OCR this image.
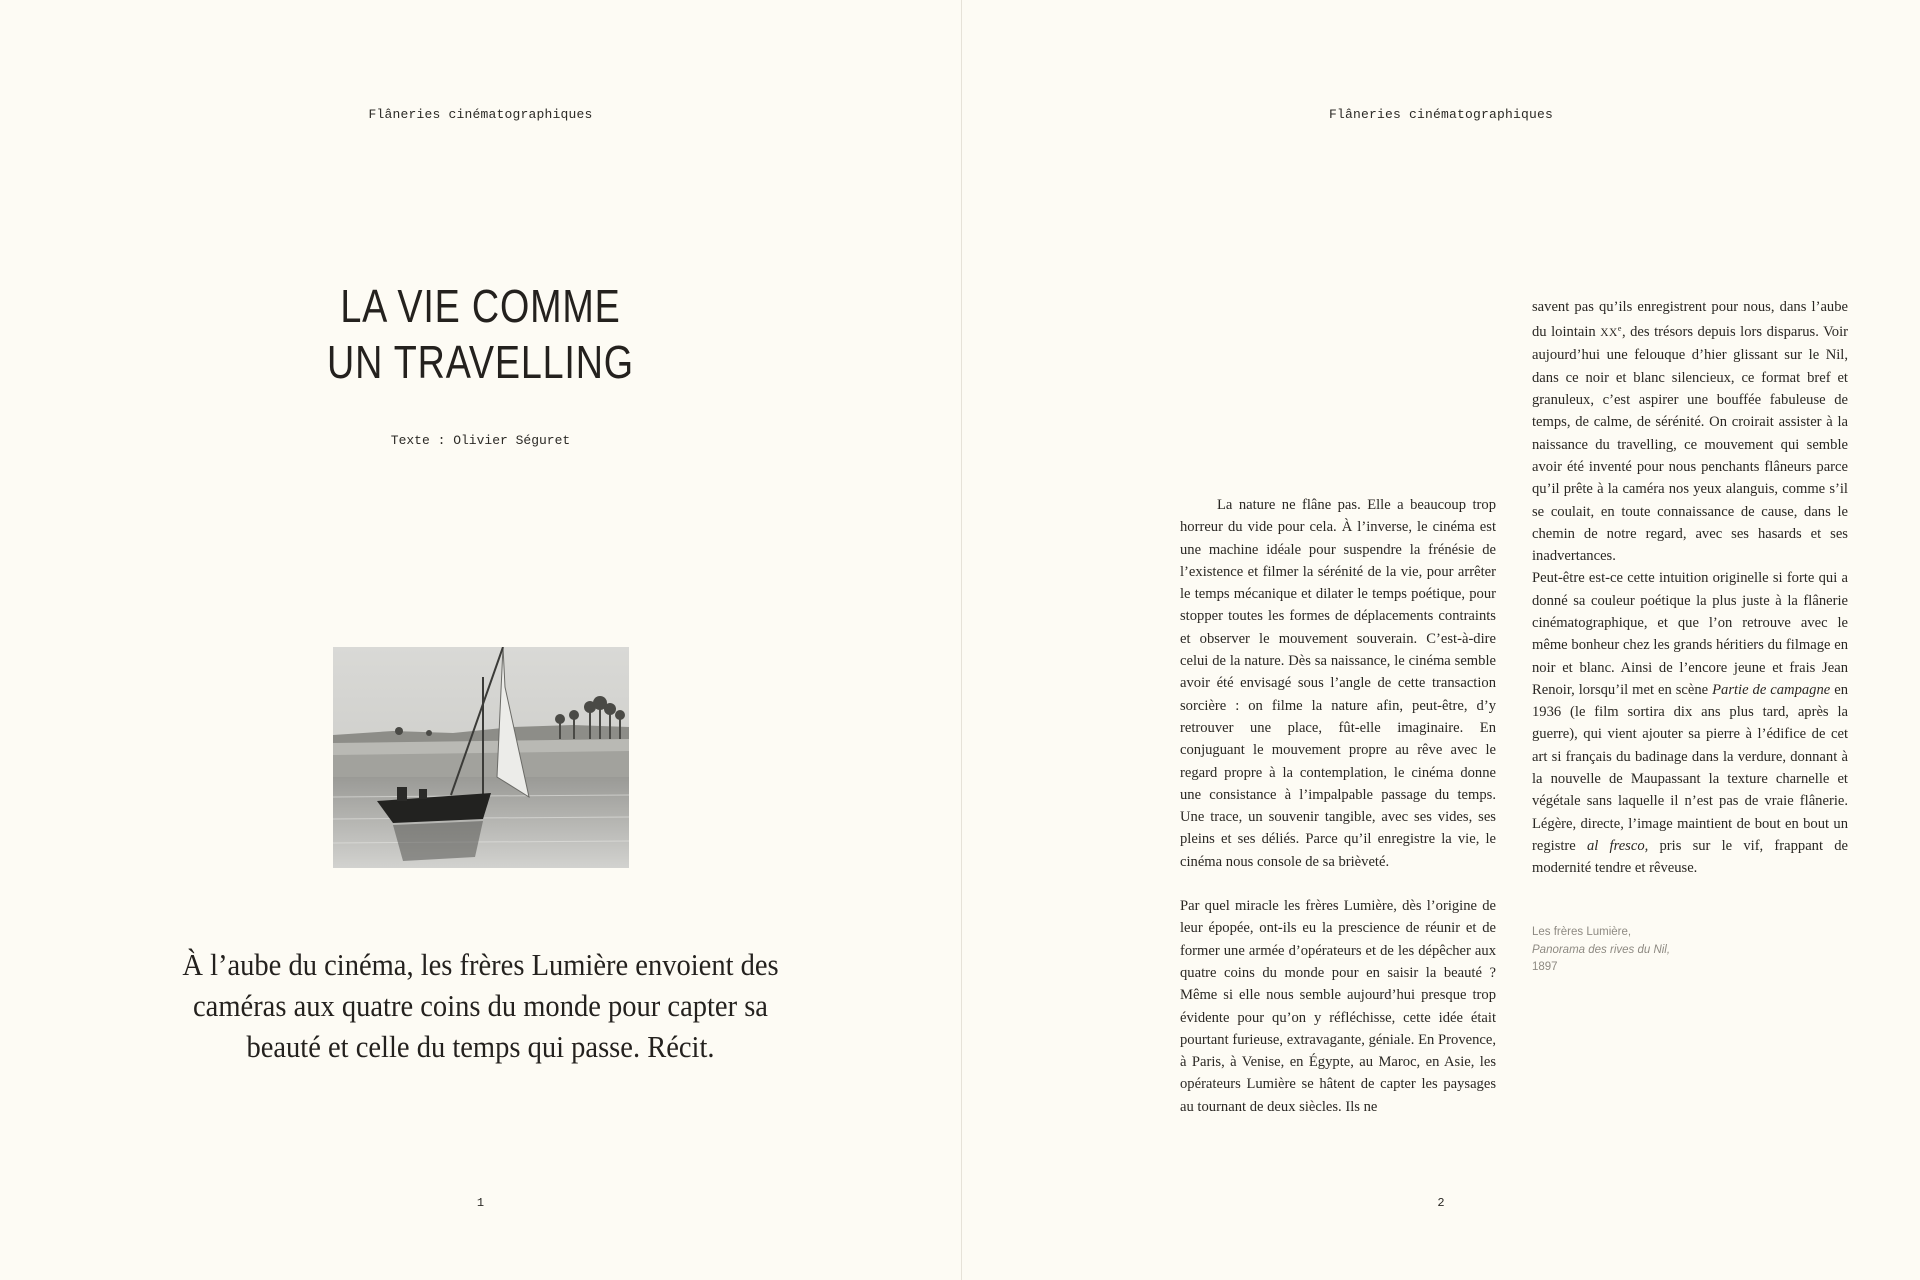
Flâneries cinématographiques
LA VIE COMME
UN TRAVELLING
Texte : Olivier Séguret
À l’aube du cinéma, les frères Lumière envoient des caméras aux quatre coins du monde pour capter sa beauté et celle du temps qui passe. Récit.
1
Flâneries cinématographiques

La nature ne flâne pas. Elle a beaucoup trop horreur du vide pour cela. À l’inverse, le cinéma est une machine idéale pour suspendre la frénésie de l’existence et filmer la sérénité de la vie, pour arrêter le temps mécanique et dilater le temps poétique, pour stopper toutes les formes de déplacements contraints et observer le mouvement souverain. C’est-à-dire celui de la nature. Dès sa naissance, le cinéma semble avoir été envisagé sous l’angle de cette transaction sorcière : on filme la nature afin, peut-être, d’y retrouver une place, fût-elle imaginaire. En conjuguant le mouvement propre au rêve avec le regard propre à la contemplation, le cinéma donne une consistance à l’impalpable passage du temps. Une trace, un souvenir tangible, avec ses vides, ses pleins et ses déliés. Parce qu’il enregistre la vie, le cinéma nous console de sa brièveté.

Par quel miracle les frères Lumière, dès l’origine de leur épopée, ont-ils eu la prescience de réunir et de former une armée d’opérateurs et de les dépêcher aux quatre coins du monde pour en saisir la beauté ? Même si elle nous semble aujourd’hui presque trop évidente pour qu’on y réfléchisse, cette idée était pourtant furieuse, extravagante, géniale. En Provence, à Paris, à Venise, en Égypte, au Maroc, en Asie, les opérateurs Lumière se hâtent de capter les paysages au tournant de deux siècles. Ils ne

savent pas qu’ils enregistrent pour nous, dans l’aube du lointain XXe, des trésors depuis lors disparus. Voir aujourd’hui une felouque d’hier glissant sur le Nil, dans ce noir et blanc silencieux, ce format bref et granuleux, c’est aspirer une bouffée fabuleuse de temps, de calme, de sérénité. On croirait assister à la naissance du travelling, ce mouvement qui semble avoir été inventé pour nous penchants flâneurs parce qu’il prête à la caméra nos yeux alanguis, comme s’il se coulait, en toute connaissance de cause, dans le chemin de notre regard, avec ses hasards et ses inadvertances.

Peut-être est-ce cette intuition originelle si forte qui a donné sa couleur poétique la plus juste à la flânerie cinématographique, et que l’on retrouve avec le même bonheur chez les grands héritiers du filmage en noir et blanc. Ainsi de l’encore jeune et frais Jean Renoir, lorsqu’il met en scène Partie de campagne en 1936 (le film sortira dix ans plus tard, après la guerre), qui vient ajouter sa pierre à l’édifice de cet art si français du badinage dans la verdure, donnant à la nouvelle de Maupassant la texture charnelle et végétale sans laquelle il n’est pas de vraie flânerie. Légère, directe, l’image maintient de bout en bout un registre al fresco, pris sur le vif, frappant de modernité tendre et rêveuse.

Les frères Lumière,
Panorama des rives du Nil,
1897
2
